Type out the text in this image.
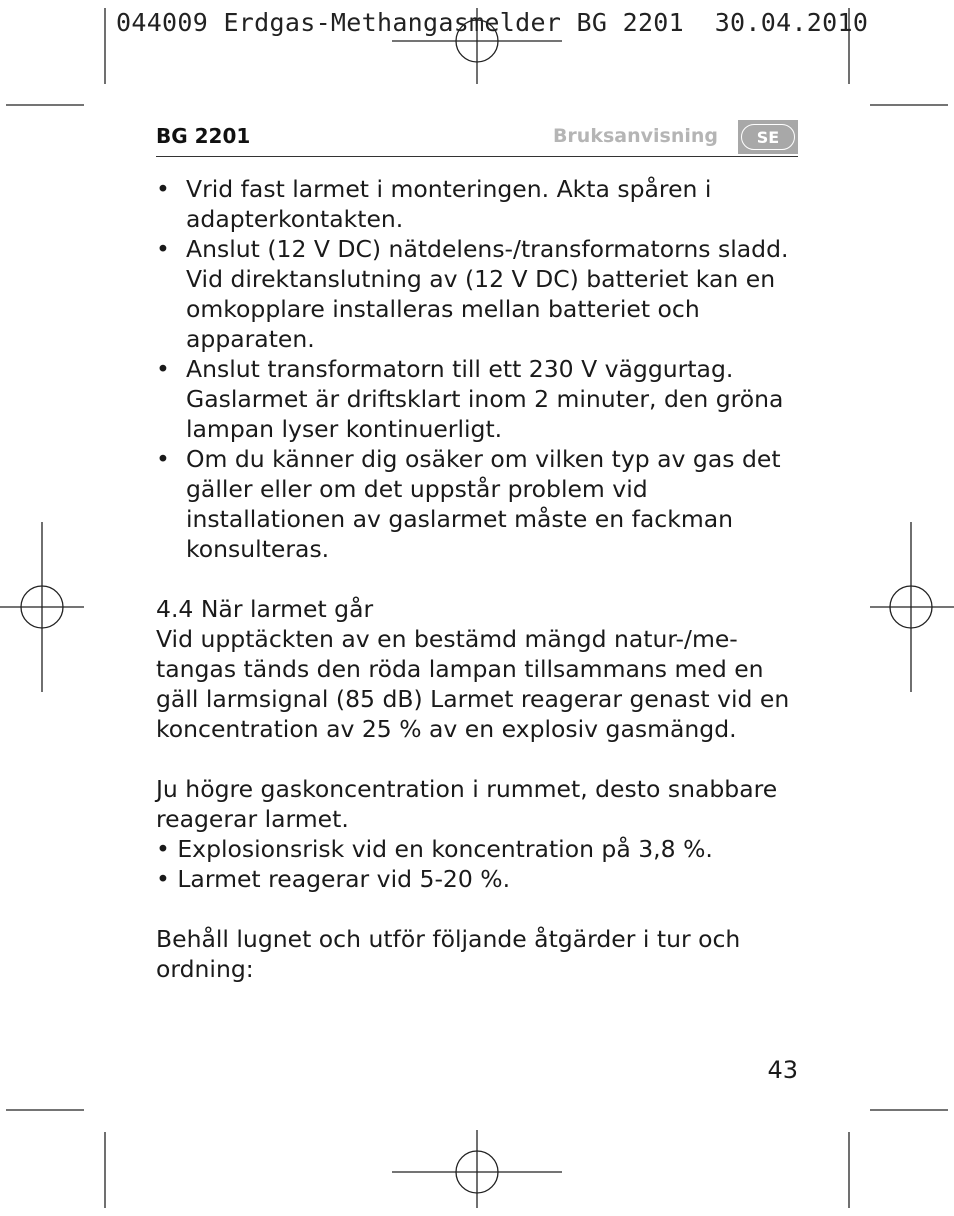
044009 Erdgas-Methangasmelder BG 2201  30.04.2010
BG 2201	Bruksanvisning	SE
• Vrid fast larmet i monteringen. Akta spåren i adapterkontakten.
• Anslut (12 V DC) nätdelens-/transformatorns sladd. Vid direktanslutning av (12 V DC) batteriet kan en omkopplare installeras mellan batteriet och apparaten.
• Anslut transformatorn till ett 230 V väggurtag. Gaslarmet är driftsklart inom 2 minuter, den gröna lampan lyser kontinuerligt.
• Om du känner dig osäker om vilken typ av gas det gäller eller om det uppstår problem vid installationen av gaslarmet måste en fackman konsulteras.

4.4 När larmet går

Vid upptäckten av en bestämd mängd natur-/me-tangas tänds den röda lampan tillsammans med en gäll larmsignal (85 dB) Larmet reagerar genast vid en koncentration av 25 % av en explosiv gasmängd.

Ju högre gaskoncentration i rummet, desto snabbare reagerar larmet.

• Explosionsrisk vid en koncentration på 3,8 %.

• Larmet reagerar vid 5-20 %.

Behåll lugnet och utför följande åtgärder i tur och ordning:

43
